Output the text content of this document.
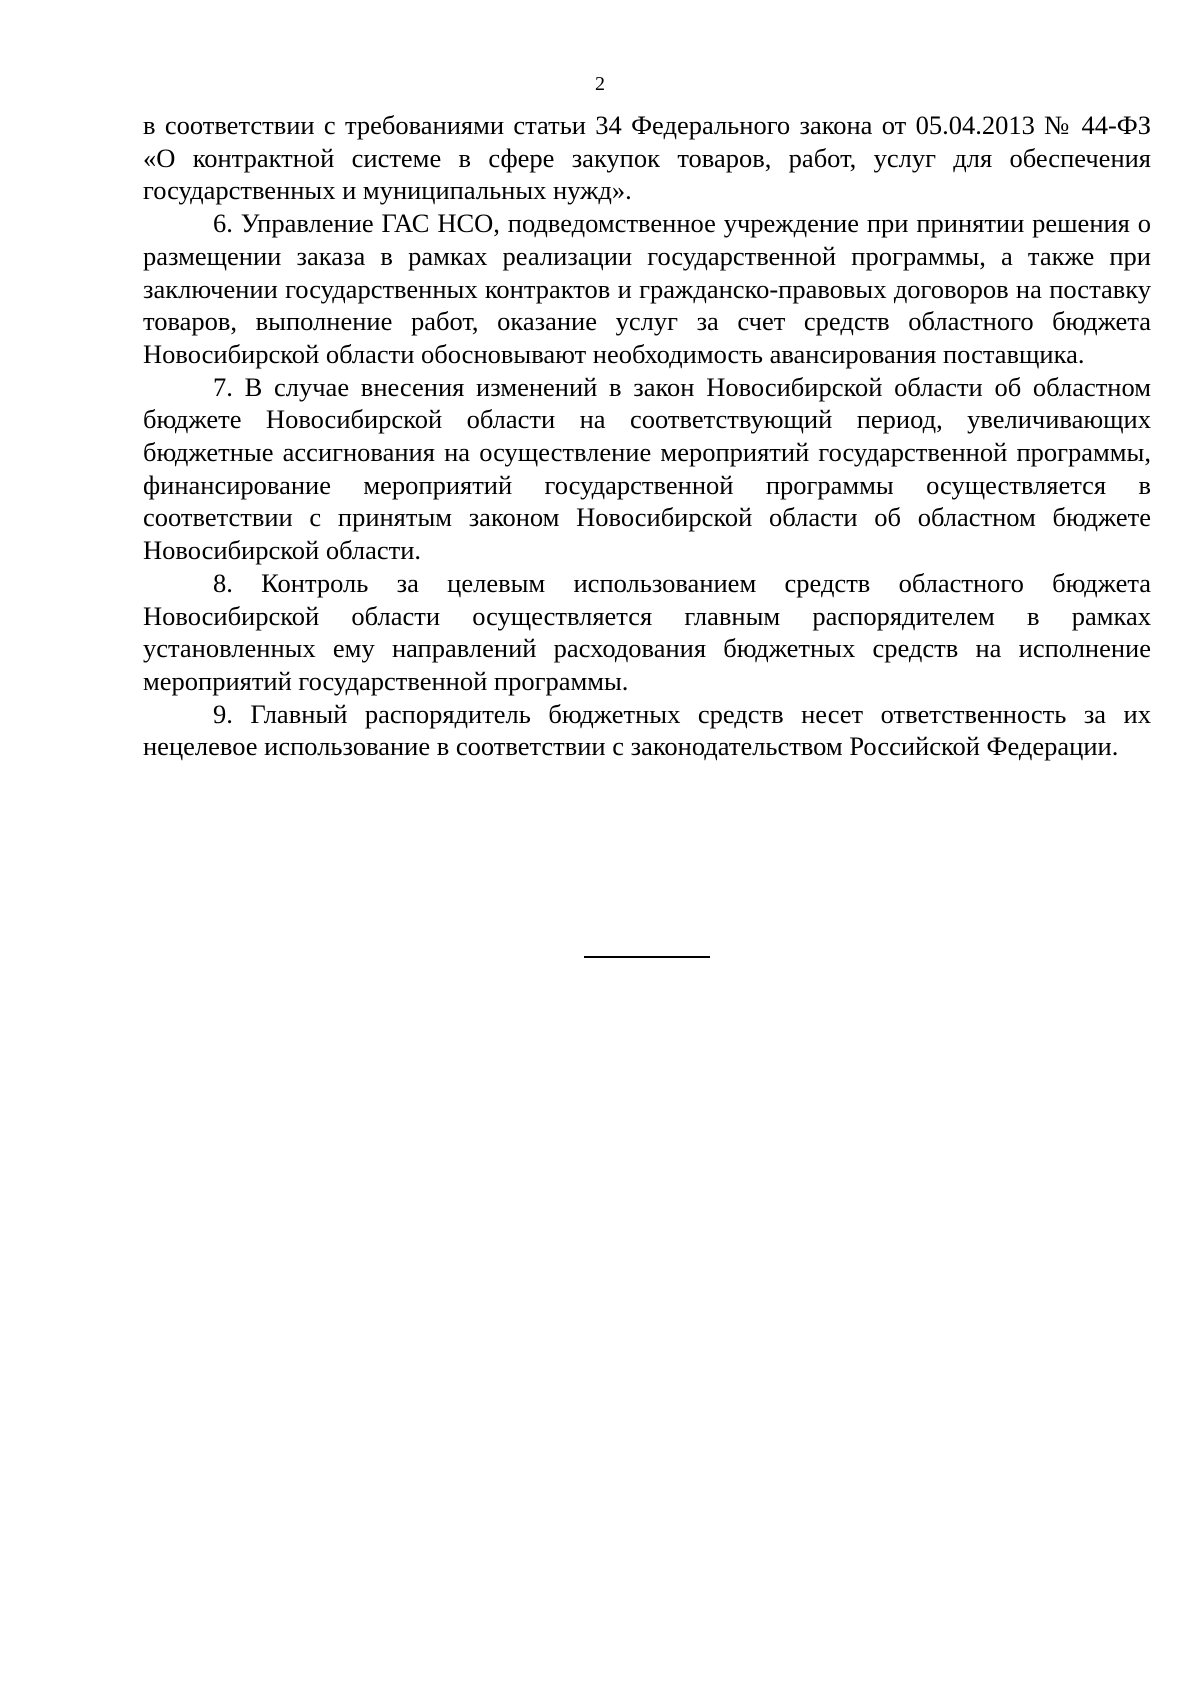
2

в соответствии с требованиями статьи 34 Федерального закона от 05.04.2013 № 44-ФЗ «О контрактной системе в сфере закупок товаров, работ, услуг для обеспечения государственных и муниципальных нужд».

6. Управление ГАС НСО, подведомственное учреждение при принятии решения о размещении заказа в рамках реализации государственной программы, а также при заключении государственных контрактов и гражданско-правовых договоров на поставку товаров, выполнение работ, оказание услуг за счет средств областного бюджета Новосибирской области обосновывают необходимость авансирования поставщика.

7. В случае внесения изменений в закон Новосибирской области об областном бюджете Новосибирской области на соответствующий период, увеличивающих бюджетные ассигнования на осуществление мероприятий государственной программы, финансирование мероприятий государственной программы осуществляется в соответствии с принятым законом Новосибирской области об областном бюджете Новосибирской области.

8. Контроль за целевым использованием средств областного бюджета Новосибирской области осуществляется главным распорядителем в рамках установленных ему направлений расходования бюджетных средств на исполнение мероприятий государственной программы.

9. Главный распорядитель бюджетных средств несет ответственность за их нецелевое использование в соответствии с законодательством Российской Федерации.
